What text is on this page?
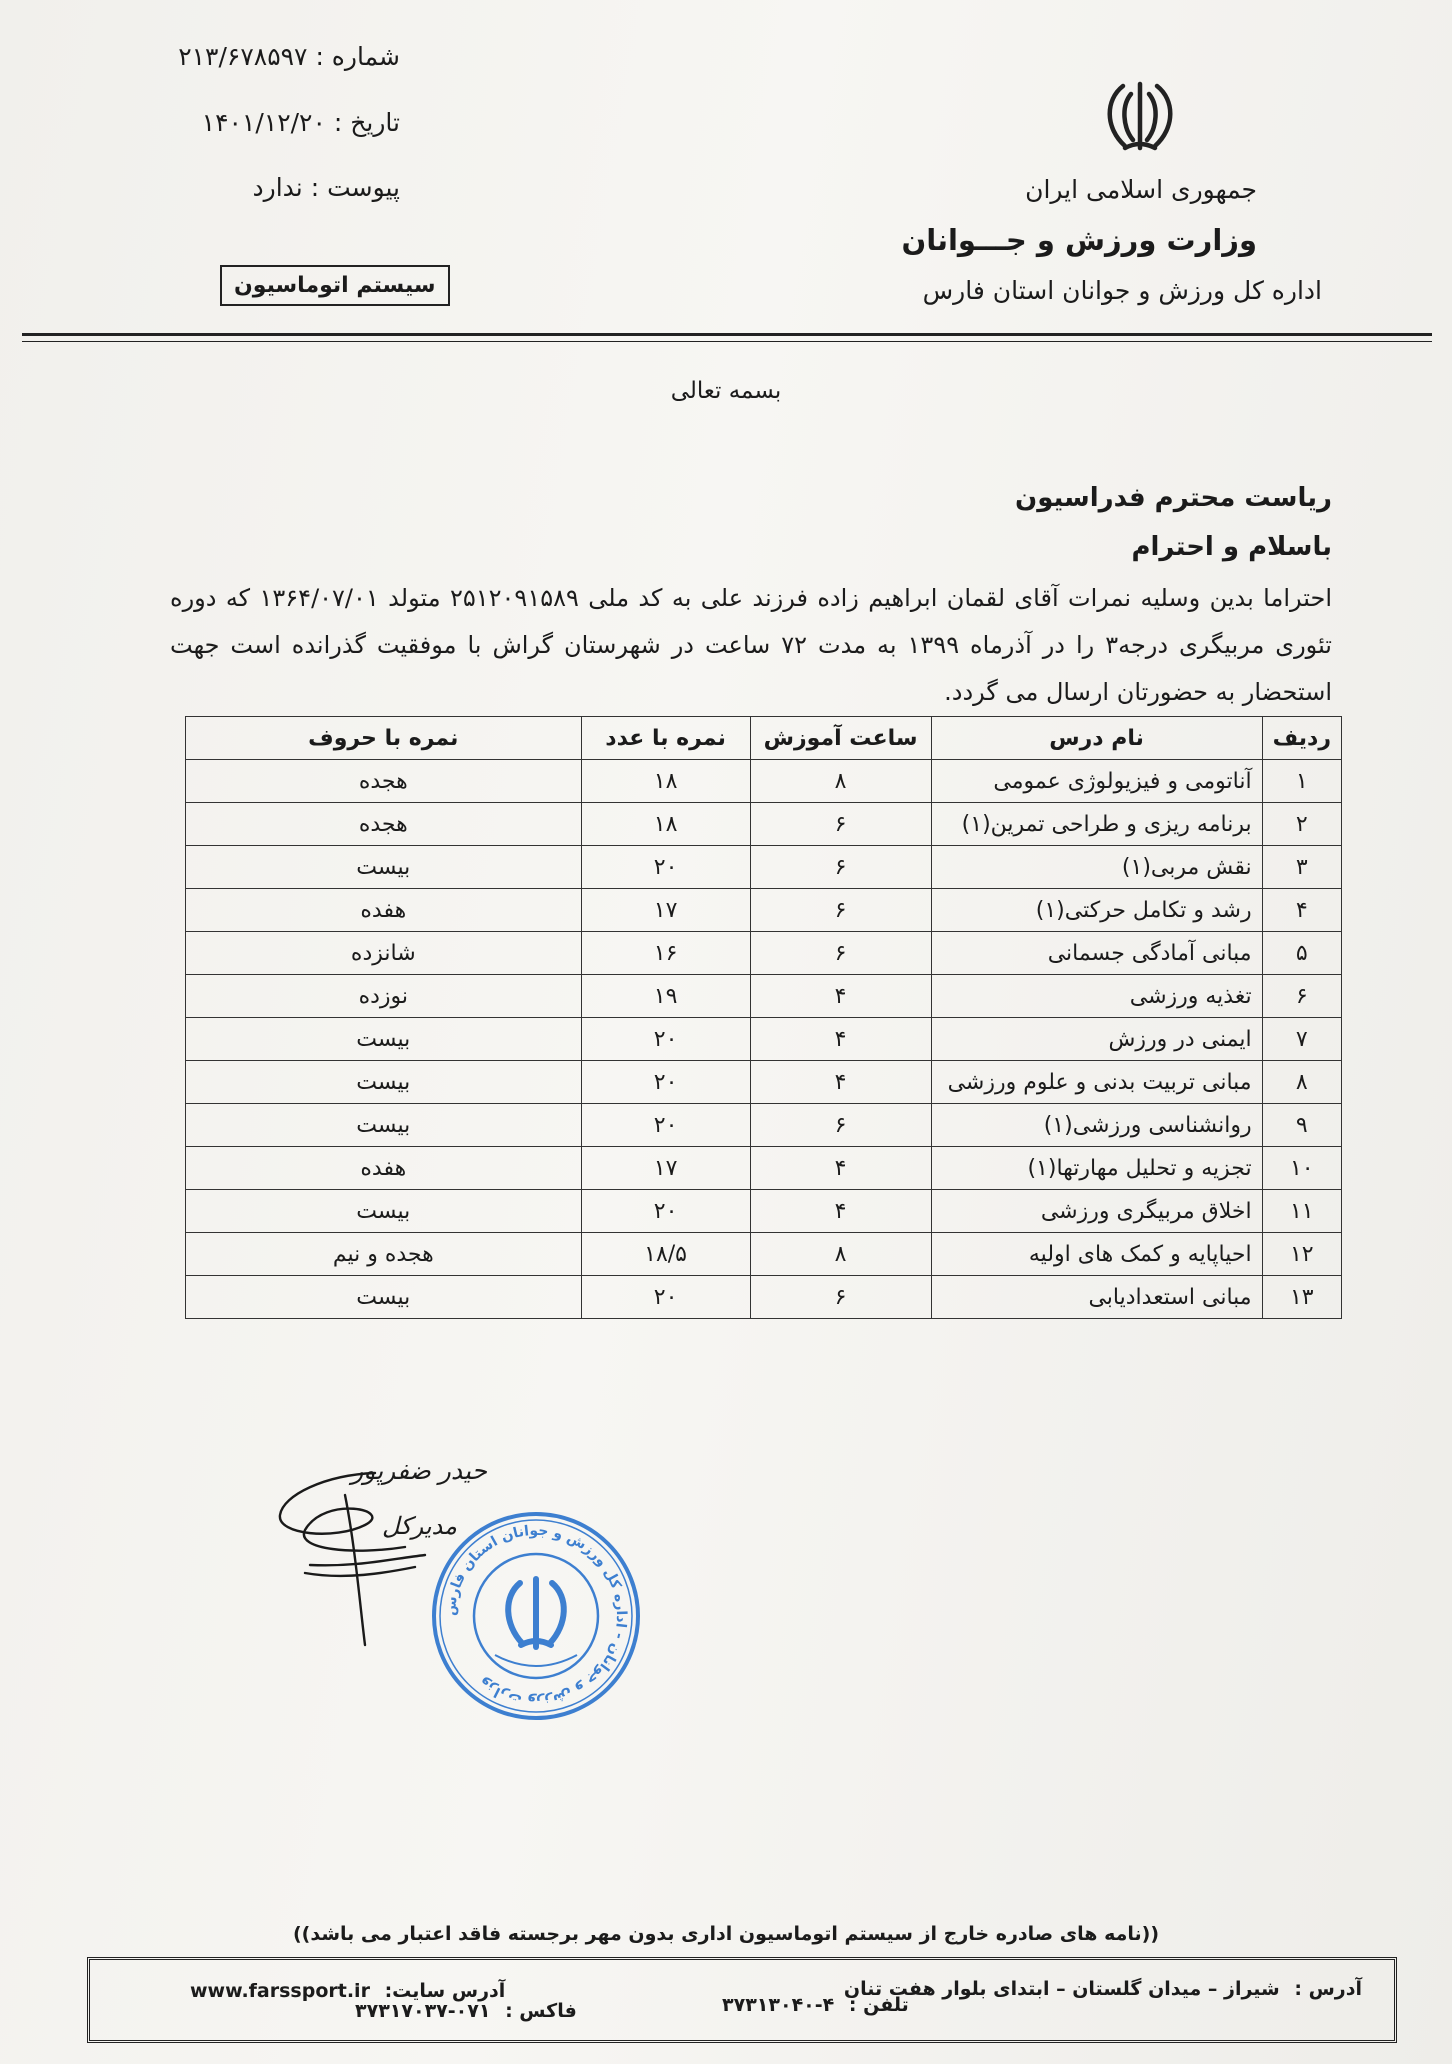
جمهوری اسلامی ایران
وزارت ورزش و جـــوانان
اداره کل ورزش و جوانان استان فارس
شماره : ۲۱۳/۶۷۸۵۹۷
تاریخ : ۱۴۰۱/۱۲/۲۰
پیوست : ندارد
سیستم اتوماسیون
بسمه تعالی
ریاست محترم فدراسیون
باسلام و احترام
احتراما بدین وسلیه نمرات آقای لقمان ابراهیم زاده فرزند علی به کد ملی ۲۵۱۲۰۹۱۵۸۹ متولد ۱۳۶۴/۰۷/۰۱ که دوره تئوری مربیگری درجه۳ را در آذرماه ۱۳۹۹ به مدت ۷۲ ساعت در شهرستان گراش با موفقیت گذرانده است جهت استحضار به حضورتان ارسال می گردد.
ردیف	نام درس	ساعت آموزش	نمره با عدد	نمره با حروف
۱	آناتومی و فیزیولوژی عمومی	۸	۱۸	هجده
۲	برنامه ریزی و طراحی تمرین(۱)	۶	۱۸	هجده
۳	نقش مربی(۱)	۶	۲۰	بیست
۴	رشد و تکامل حرکتی(۱)	۶	۱۷	هفده
۵	مبانی آمادگی جسمانی	۶	۱۶	شانزده
۶	تغذیه ورزشی	۴	۱۹	نوزده
۷	ایمنی در ورزش	۴	۲۰	بیست
۸	مبانی تربیت بدنی و علوم ورزشی	۴	۲۰	بیست
۹	روانشناسی ورزشی(۱)	۶	۲۰	بیست
۱۰	تجزیه و تحلیل مهارتها(۱)	۴	۱۷	هفده
۱۱	اخلاق مربیگری ورزشی	۴	۲۰	بیست
۱۲	احیاپایه و کمک های اولیه	۸	۱۸/۵	هجده و نیم
۱۳	مبانی استعدادیابی	۶	۲۰	بیست
حیدر ضفرپور
مدیرکل
وزارت ورزش و جوانان - اداره کل ورزش و جوانان استان فارس
((نامه های صادره خارج از سیستم اتوماسیون اداری بدون مهر برجسته فاقد اعتبار می باشد))
آدرس : شیراز – میدان گلستان – ابتدای بلوار هفت تنان
تلفن : ۴-۳۷۳۱۳۰۴۰
فاکس : ۰۷۱-۳۷۳۱۷۰۳۷
آدرس سایت: www.farssport.ir
